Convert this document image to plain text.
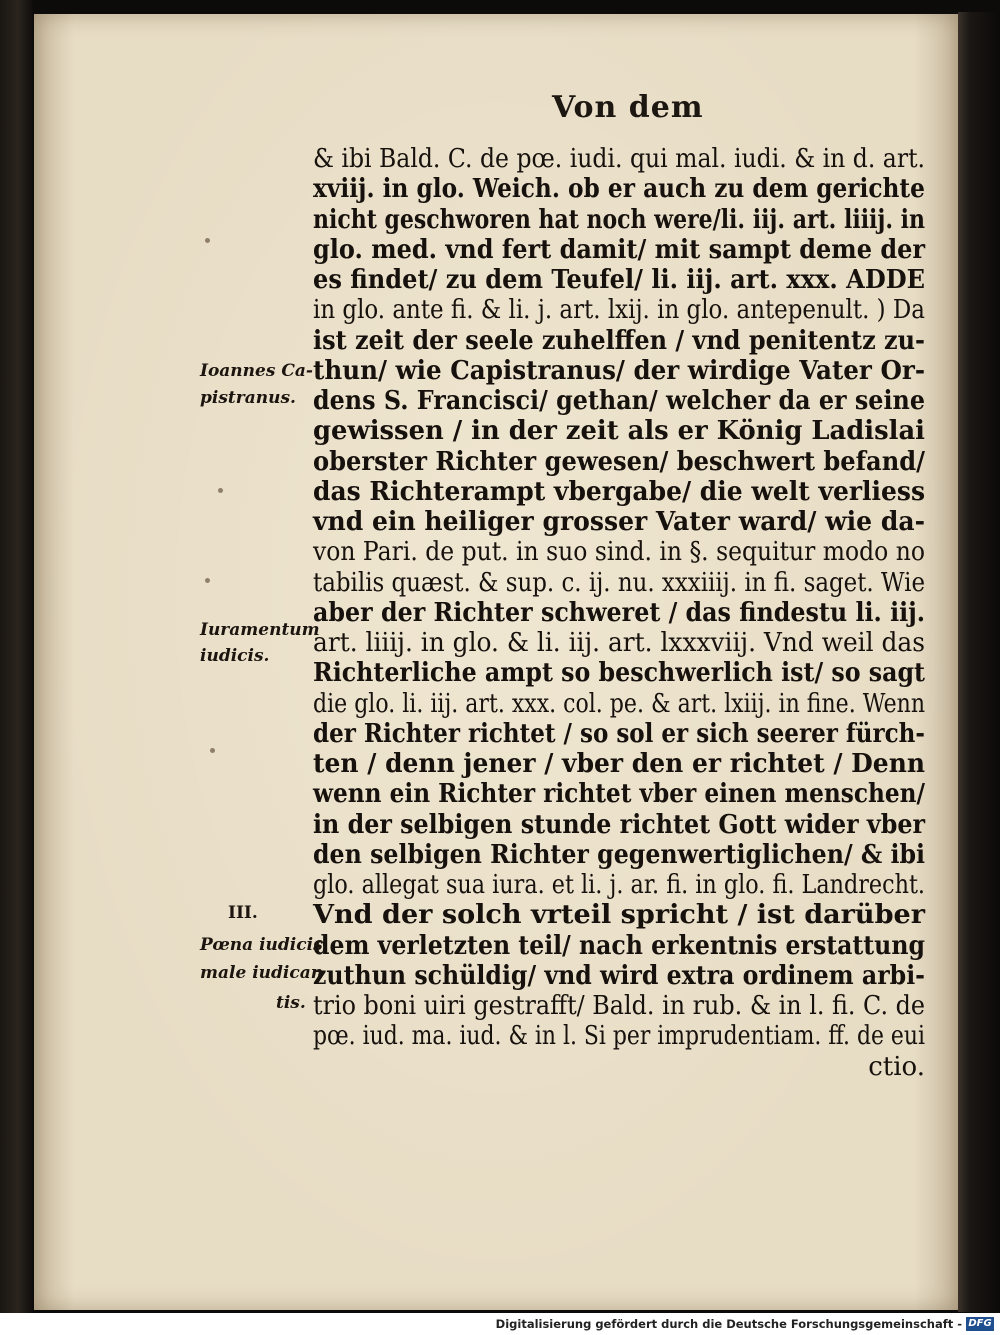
Von dem
& ibi Bald. C. de pœ. iudi. qui mal. iudi. & in d. art.
xviij. in glo. Weich. ob er auch zu dem gerichte
nicht geschworen hat noch were/li. iij. art. liiij. in
glo. med. vnd fert damit/ mit sampt deme der
es findet/ zu dem Teufel/ li. iij. art. xxx. ADDE
in glo. ante fi. & li. j. art. lxij. in glo. antepenult. ) Da
ist zeit der seele zuhelffen / vnd penitentz zu-
thun/ wie Capistranus/ der wirdige Vater Or-
dens S. Francisci/ gethan/ welcher da er seine
gewissen / in der zeit als er König Ladislai
oberster Richter gewesen/ beschwert befand/
das Richterampt vbergabe/ die welt verliess
vnd ein heiliger grosser Vater ward/ wie da-
von Pari. de put. in suo sind. in §. sequitur modo no
tabilis quæst. & sup. c. ij. nu. xxxiiij. in fi. saget. Wie
aber der Richter schweret / das findestu li. iij.
art. liiij. in glo. & li. iij. art. lxxxviij. Vnd weil das
Richterliche ampt so beschwerlich ist/ so sagt
die glo. li. iij. art. xxx. col. pe. & art. lxiij. in fine. Wenn
der Richter richtet / so sol er sich seerer fürch-
ten / denn jener / vber den er richtet / Denn
wenn ein Richter richtet vber einen menschen/
in der selbigen stunde richtet Gott wider vber
den selbigen Richter gegenwertiglichen/ & ibi
glo. allegat sua iura. et li. j. ar. fi. in glo. fi. Landrecht.
Vnd der solch vrteil spricht / ist darüber
dem verletzten teil/ nach erkentnis erstattung
zuthun schüldig/ vnd wird extra ordinem arbi-
trio boni uiri gestrafft/ Bald. in rub. & in l. fi. C. de
pœ. iud. ma. iud. & in l. Si per imprudentiam. ff. de eui
ctio.
Ioannes Ca-
pistranus.
Iuramentum
iudicis.
III.
Pœna iudicis
male iudican
tis.
Digitalisierung gefördert durch die Deutsche Forschungsgemeinschaft - DFG
